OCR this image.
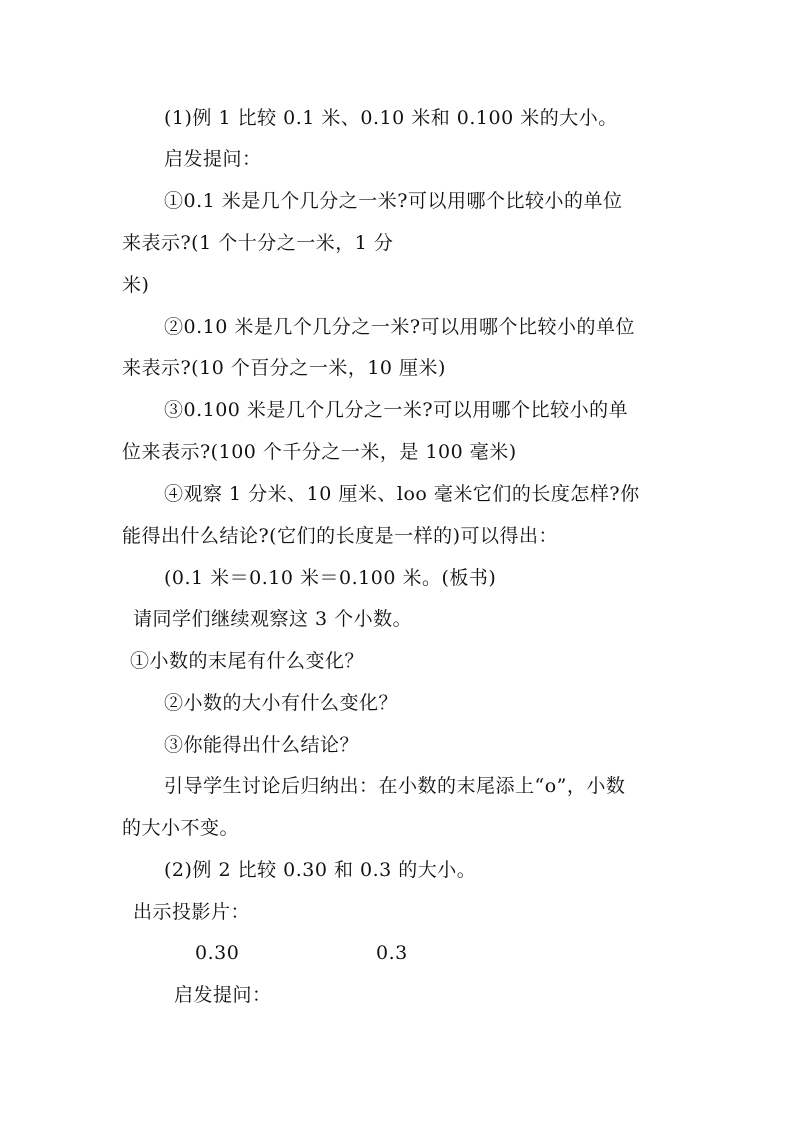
(1)例 1 比较 0.1 米、0.10 米和 0.100 米的大小。
启发提问：
①0.1 米是几个几分之一米?可以用哪个比较小的单位
来表示?(1 个十分之一米，1 分
米)
②0.10 米是几个几分之一米?可以用哪个比较小的单位
来表示?(10 个百分之一米，10 厘米)
③0.100 米是几个几分之一米?可以用哪个比较小的单
位来表示?(100 个千分之一米，是 100 毫米)
④观察 1 分米、10 厘米、loo 毫米它们的长度怎样?你
能得出什么结论?(它们的长度是一样的)可以得出：
(0.1 米＝0.10 米＝0.100 米。(板书)
请同学们继续观察这 3 个小数。
①小数的末尾有什么变化？
②小数的大小有什么变化？
③你能得出什么结论？
引导学生讨论后归纳出：在小数的末尾添上“o”，小数
的大小不变。
(2)例 2 比较 0.30 和 0.3 的大小。
出示投影片：
0.30	0.3
启发提问：
